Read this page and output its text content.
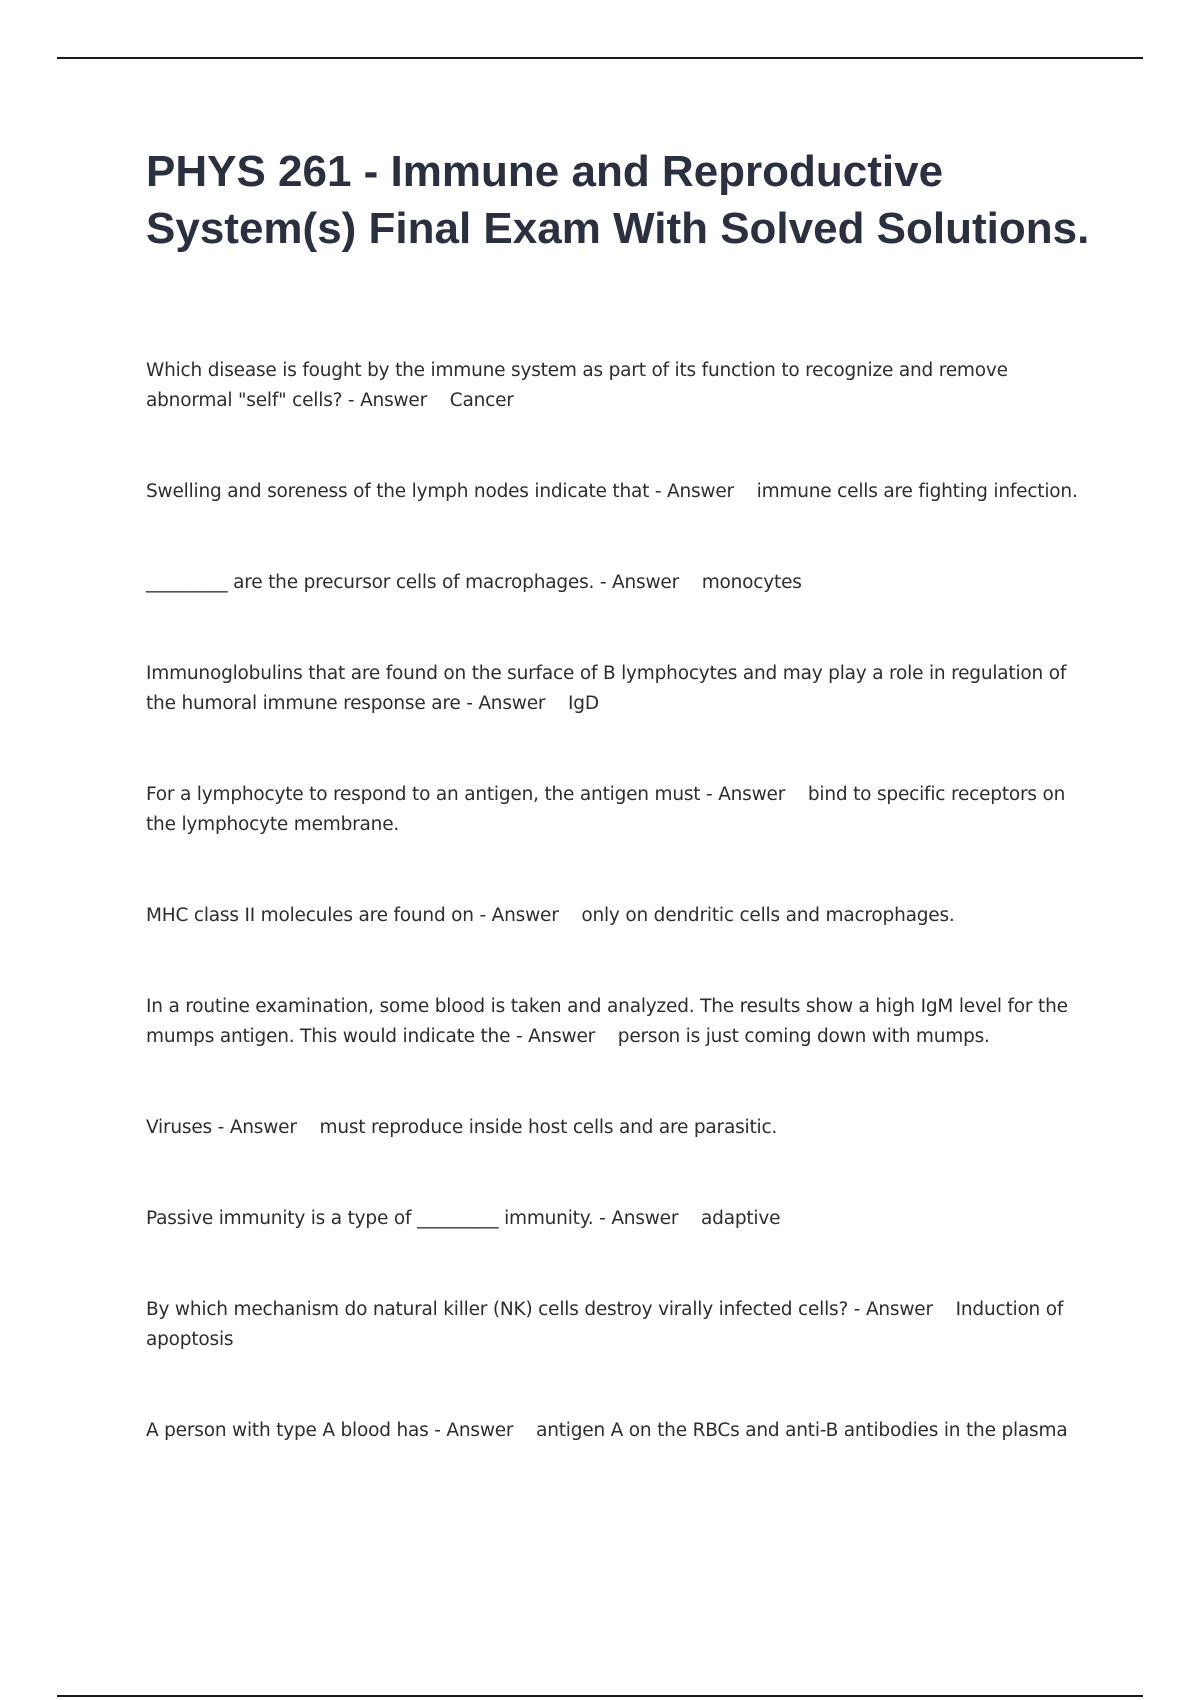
PHYS 261 - Immune and Reproductive System(s) Final Exam With Solved Solutions.
Which disease is fought by the immune system as part of its function to recognize and remove abnormal "self" cells? - Answer Cancer
Swelling and soreness of the lymph nodes indicate that - Answer immune cells are fighting infection.
_________ are the precursor cells of macrophages. - Answer monocytes
Immunoglobulins that are found on the surface of B lymphocytes and may play a role in regulation of the humoral immune response are - Answer IgD
For a lymphocyte to respond to an antigen, the antigen must - Answer bind to specific receptors on the lymphocyte membrane.
MHC class II molecules are found on - Answer only on dendritic cells and macrophages.
In a routine examination, some blood is taken and analyzed. The results show a high IgM level for the mumps antigen. This would indicate the - Answer person is just coming down with mumps.
Viruses - Answer must reproduce inside host cells and are parasitic.
Passive immunity is a type of _________ immunity. - Answer adaptive
By which mechanism do natural killer (NK) cells destroy virally infected cells? - Answer Induction of apoptosis
A person with type A blood has - Answer antigen A on the RBCs and anti-B antibodies in the plasma
